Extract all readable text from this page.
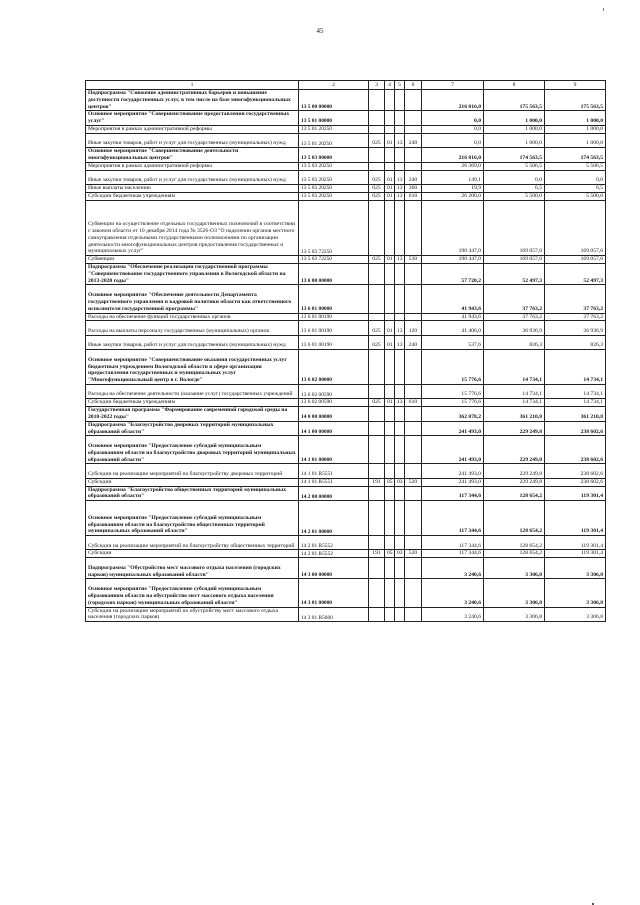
45
1	2	3	4	5	6	7	8	9
Подпрограмма "Снижение административных барьеров и повышение доступности государственных услуг, в том числе на базе многофункциональных центров"	13 5 00 00000					216 816,0	175 563,5	175 563,5
Основное мероприятие "Совершенствование предоставления государственных услуг"	13 5 01 00000					0,0	1 000,0	1 000,0
Мероприятия в рамках административной реформы	13 5 01 20250					0,0	1 000,0	1 000,0
Иные закупки товаров, работ и услуг для государственных (муниципальных) нужд	13 5 01 20250	025	01	13	240	0,0	1 000,0	1 000,0
Основное мероприятие "Совершенствование деятельности многофункциональных центров"	13 5 03 00000					216 816,0	174 563,5	174 563,5
Мероприятия в рамках административной реформы	13 5 03 20250					26 369,0	5 506,5	5 506,5
Иные закупки товаров, работ и услуг для государственных (муниципальных) нужд	13 5 03 20250	025	01	13	240	149,1	0,0	0,0
Иные выплаты населению	13 5 03 20250	025	01	13	360	19,9	6,5	6,5
Субсидии бюджетным учреждениям	13 5 03 20250	025	01	13	610	26 200,0	5 500,0	5 500,0
Субвенции на осуществление отдельных государственных полномочий в соответствии с законом области от 10 декабря 2014 года № 3526-ОЗ "О наделении органов местного самоуправления отдельными государственными полномочиями по организации деятельности многофункциональных центров предоставления государственных и муниципальных услуг"	13 5 03 72250					190 447,0	169 057,0	169 057,0
Субвенции	13 5 03 72250	025	01	13	530	190 447,0	169 057,0	169 057,0
Подпрограмма "Обеспечение реализации государственной программы "Совершенствование государственного управления в Вологодской области на 2013-2020 годы"	13 6 00 00000					57 720,2	52 497,3	52 497,3
Основное мероприятие "Обеспечение деятельности Департамента государственного управления и кадровой политики области как ответственного исполнителя государственной программы"	13 6 01 00000					41 943,6	37 763,2	37 763,2
Расходы на обеспечение функций государственных органов	13 6 01 00190					41 943,6	37 763,2	37 763,2
Расходы на выплаты персоналу государственных (муниципальных) органов	13 6 01 00190	025	01	13	120	41 406,0	36 936,9	36 936,9
Иные закупки товаров, работ и услуг для государственных (муниципальных) нужд	13 6 01 00190	025	01	13	240	537,6	826,3	826,3
Основное мероприятие "Совершенствование оказания государственных услуг бюджетным учреждением Вологодской области в сфере организации предоставления государственных и муниципальных услуг "Многофункциональный центр в г. Вологде"	13 6 02 00000					15 776,6	14 734,1	14 734,1
Расходы на обеспечение деятельности (оказание услуг) государственных учреждений	13 6 02 00590					15 776,6	14 734,1	14 734,1
Субсидии бюджетным учреждениям	13 6 02 00590	025	01	13	610	15 776,6	14 734,1	14 734,1
Государственная программа "Формирование современной городской среды на 2018-2022 годы"	14 0 00 00000					362 078,2	361 210,8	361 210,8
Подпрограмма "Благоустройство дворовых территорий муниципальных образований области"	14 1 00 00000					241 493,0	229 249,8	238 602,6
Основное мероприятие "Предоставление субсидий муниципальным образованиям области на благоустройство дворовых территорий муниципальных образований области"	14 1 01 00000					241 493,0	229 249,8	238 602,6
Субсидии на реализацию мероприятий по благоустройству дворовых территорий	14 1 01 R5551					241 493,0	229 249,8	238 602,6
Субсидии	14 1 01 R5551	191	05	03	520	241 493,0	229 249,8	238 602,6
Подпрограмма "Благоустройство общественных территорий муниципальных образований области"	14 2 00 00000					117 344,6	128 654,2	119 301,4
Основное мероприятие "Предоставление субсидий муниципальным образованиям области на благоустройство общественных территорий муниципальных образований области"	14 2 01 00000					117 344,6	128 654,2	119 301,4
Субсидии на реализацию мероприятий по благоустройству общественных территорий	14 2 01 R5552					117 344,6	128 654,2	119 301,4
Субсидии	14 2 01 R5552	191	05	03	520	117 344,6	128 654,2	119 301,4
Подпрограмма "Обустройство мест массового отдыха населения (городских парков) муниципальных образований области"	14 3 00 00000					3 240,6	3 306,8	3 306,8
Основное мероприятие "Предоставление субсидий муниципальным образованиям области на обустройство мест массового отдыха населения (городских парков) муниципальных образований области"	14 3 01 00000					3 240,6	3 306,8	3 306,8
Субсидии на реализацию мероприятий по обустройству мест массового отдыха населения (городских парков)	14 3 01 R5600					3 240,6	3 306,8	3 306,8
